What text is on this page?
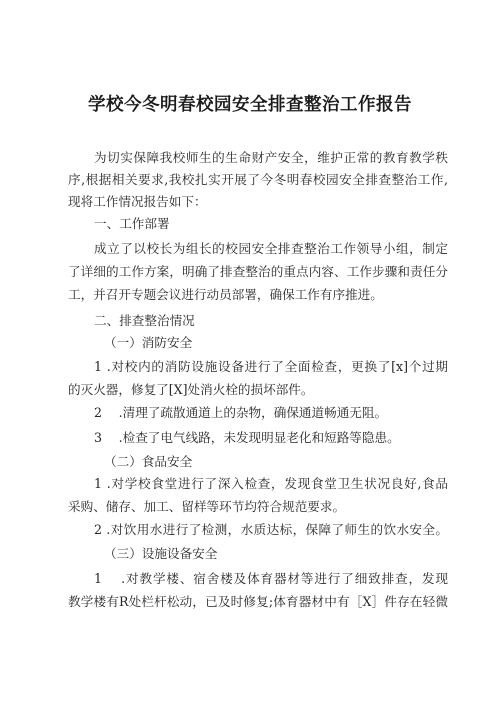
学校今冬明春校园安全排查整治工作报告
为切实保障我校师生的生命财产安全，维护正常的教育教学秩
序,根据相关要求,我校扎实开展了今冬明春校园安全排查整治工作,
现将工作情况报告如下：
一、工作部署
成立了以校长为组长的校园安全排查整治工作领导小组，制定
了详细的工作方案，明确了排查整治的重点内容、工作步骤和责任分
工，并召开专题会议进行动员部署，确保工作有序推进。
二、排查整治情况
（一）消防安全
1 .对校内的消防设施设备进行了全面检查，更换了[x]个过期
的灭火器，修复了[X]处消火栓的损坏部件。
2　 .清理了疏散通道上的杂物，确保通道畅通无阻。
3　 .检查了电气线路，未发现明显老化和短路等隐患。
（二）食品安全
1 .对学校食堂进行了深入检查，发现食堂卫生状况良好,食品
采购、储存、加工、留样等环节均符合规范要求。
2 .对饮用水进行了检测，水质达标，保障了师生的饮水安全。
（三）设施设备安全
1　 .对教学楼、宿舍楼及体育器材等进行了细致排查，发现
教学楼有R处栏杆松动，已及时修复;体育器材中有［X］件存在轻微
